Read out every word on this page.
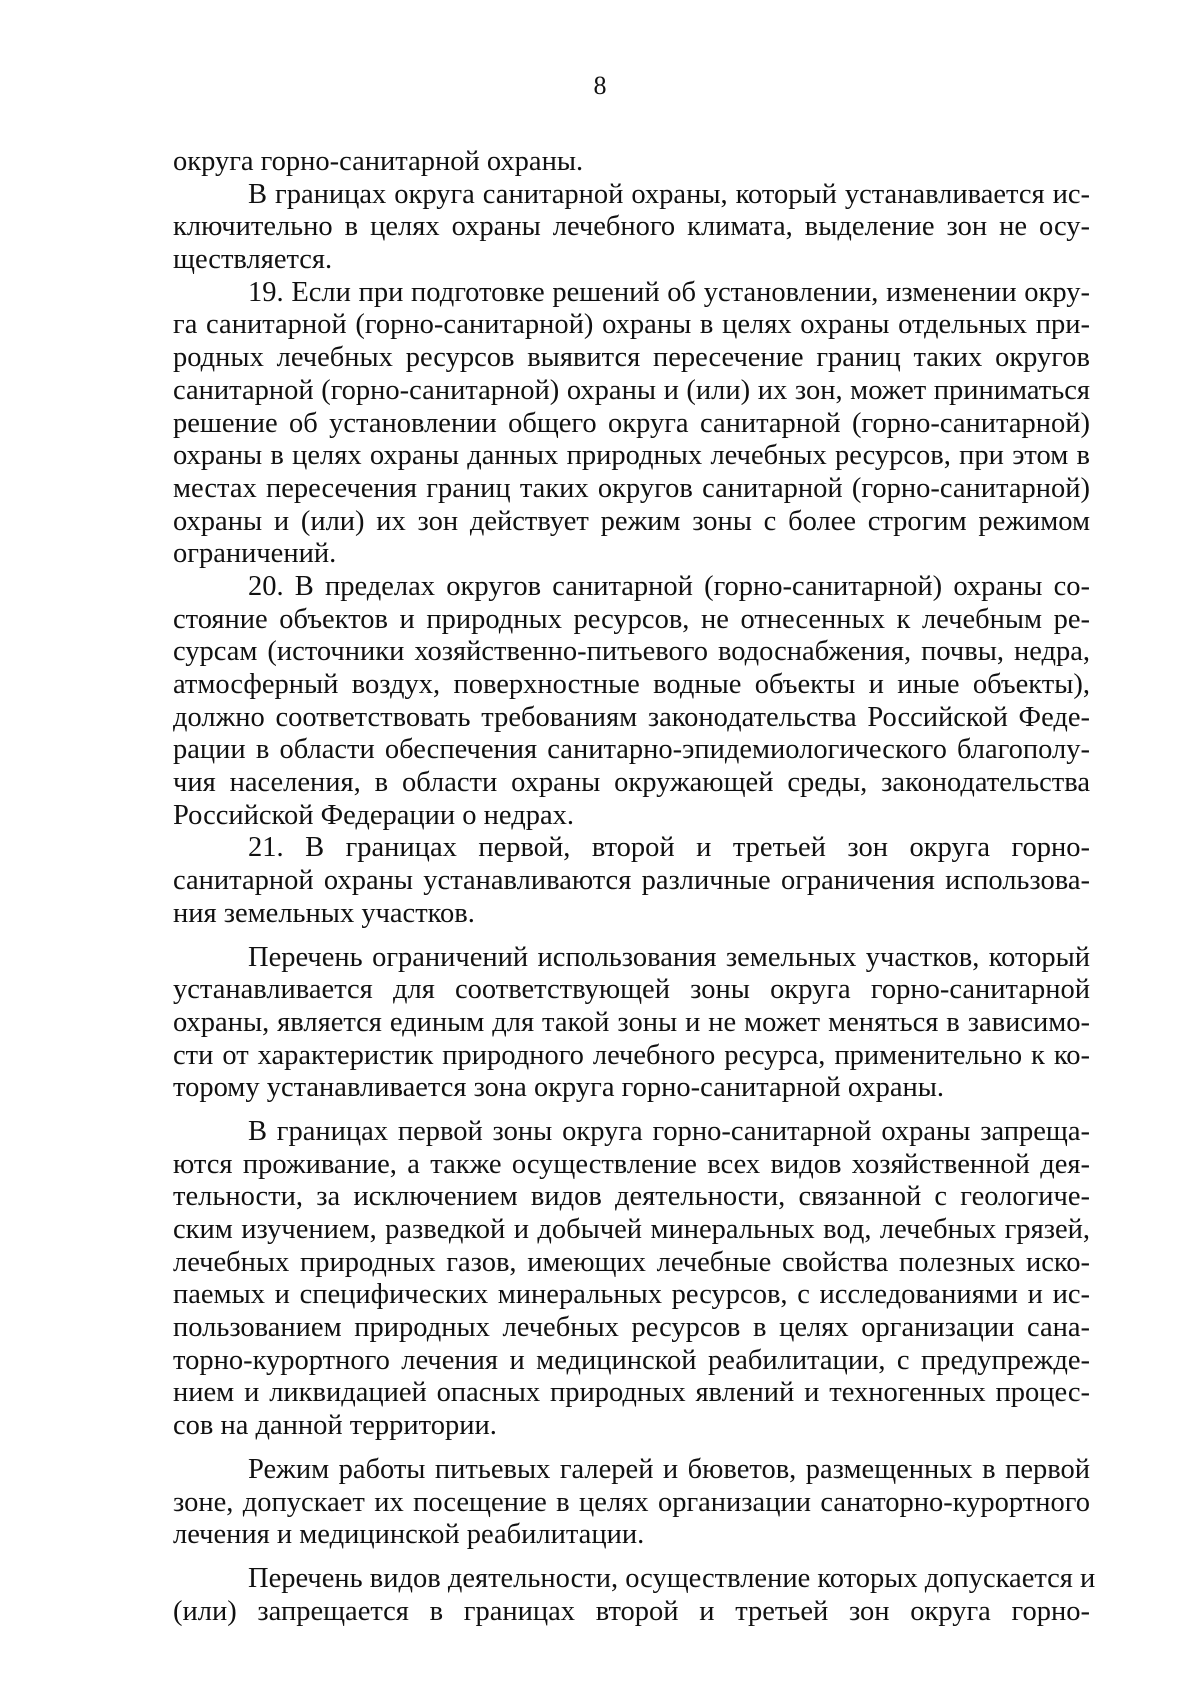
8
округа горно-санитарной охраны.
В границах округа санитарной охраны, который устанавливается ис-
ключительно в целях охраны лечебного климата, выделение зон не осу-
ществляется.
19. Если при подготовке решений об установлении, изменении окру-
га санитарной (горно-санитарной) охраны в целях охраны отдельных при-
родных лечебных ресурсов выявится пересечение границ таких округов
санитарной (горно-санитарной) охраны и (или) их зон, может приниматься
решение об установлении общего округа санитарной (горно-санитарной)
охраны в целях охраны данных природных лечебных ресурсов, при этом в
местах пересечения границ таких округов санитарной (горно-санитарной)
охраны и (или) их зон действует режим зоны с более строгим режимом
ограничений.
20. В пределах округов санитарной (горно-санитарной) охраны со-
стояние объектов и природных ресурсов, не отнесенных к лечебным ре-
сурсам (источники хозяйственно-питьевого водоснабжения, почвы, недра,
атмосферный воздух, поверхностные водные объекты и иные объекты),
должно соответствовать требованиям законодательства Российской Феде-
рации в области обеспечения санитарно-эпидемиологического благополу-
чия населения, в области охраны окружающей среды, законодательства
Российской Федерации о недрах.
21. В границах первой, второй и третьей зон округа горно-
санитарной охраны устанавливаются различные ограничения использова-
ния земельных участков.
Перечень ограничений использования земельных участков, который
устанавливается для соответствующей зоны округа горно-санитарной
охраны, является единым для такой зоны и не может меняться в зависимо-
сти от характеристик природного лечебного ресурса, применительно к ко-
торому устанавливается зона округа горно-санитарной охраны.
В границах первой зоны округа горно-санитарной охраны запреща-
ются проживание, а также осуществление всех видов хозяйственной дея-
тельности, за исключением видов деятельности, связанной с геологиче-
ским изучением, разведкой и добычей минеральных вод, лечебных грязей,
лечебных природных газов, имеющих лечебные свойства полезных иско-
паемых и специфических минеральных ресурсов, с исследованиями и ис-
пользованием природных лечебных ресурсов в целях организации сана-
торно-курортного лечения и медицинской реабилитации, с предупрежде-
нием и ликвидацией опасных природных явлений и техногенных процес-
сов на данной территории.
Режим работы питьевых галерей и бюветов, размещенных в первой
зоне, допускает их посещение в целях организации санаторно-курортного
лечения и медицинской реабилитации.
Перечень видов деятельности, осуществление которых допускается и
(или) запрещается в границах второй и третьей зон округа горно-
